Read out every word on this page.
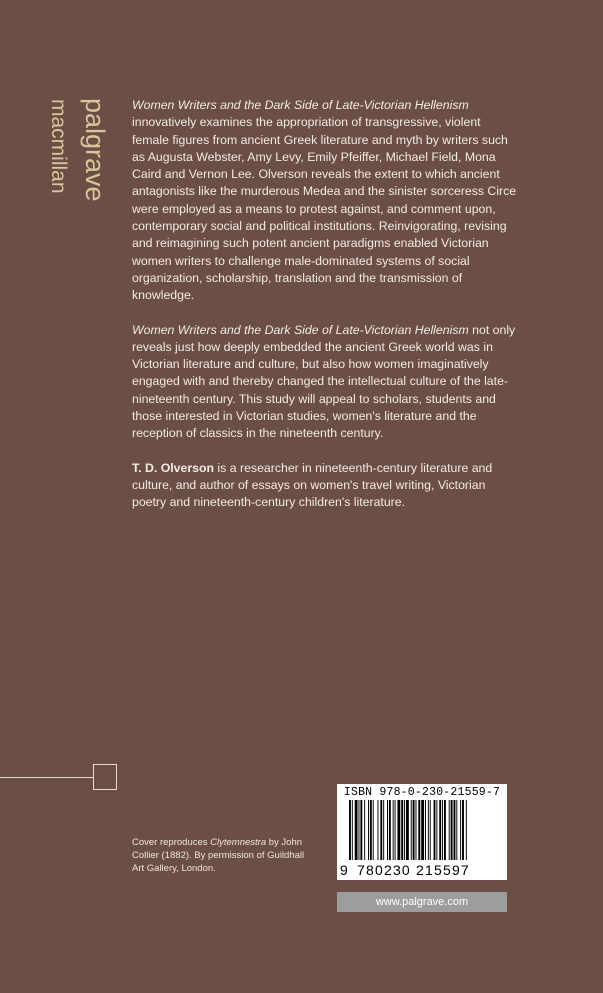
palgrave
macmillan	Women Writers and the Dark Side of Late-Victorian Hellenism innovatively examines the appropriation of transgressive, violent female figures from ancient Greek literature and myth by writers such as Augusta Webster, Amy Levy, Emily Pfeiffer, Michael Field, Mona Caird and Vernon Lee. Olverson reveals the extent to which ancient antagonists like the murderous Medea and the sinister sorceress Circe were employed as a means to protest against, and comment upon, contemporary social and political institutions. Reinvigorating, revising and reimagining such potent ancient paradigms enabled Victorian women writers to challenge male-dominated systems of social organization, scholarship, translation and the transmission of knowledge.

Women Writers and the Dark Side of Late-Victorian Hellenism not only reveals just how deeply embedded the ancient Greek world was in Victorian literature and culture, but also how women imaginatively engaged with and thereby changed the intellectual culture of the late-nineteenth century. This study will appeal to scholars, students and those interested in Victorian studies, women's literature and the reception of classics in the nineteenth century.

T. D. Olverson is a researcher in nineteenth-century literature and culture, and author of essays on women's travel writing, Victorian poetry and nineteenth-century children's literature.

Cover reproduces Clytemnestra by John Collier (1882). By permission of Guildhall Art Gallery, London.
ISBN 978-0-230-21559-7
9 780230 215597
www.palgrave.com
